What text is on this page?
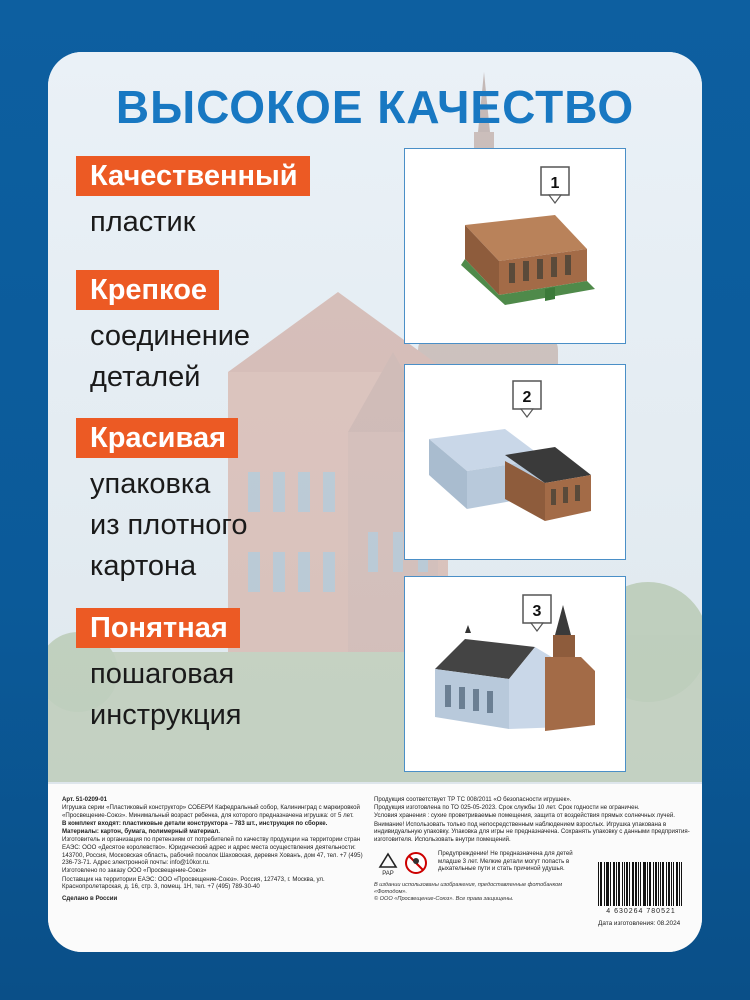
ВЫСОКОЕ КАЧЕСТВО
Качественный
пластик
Крепкое
соединение
деталей
Красивая
упаковка
из плотного
картона
Понятная
пошаговая
инструкция
1
2
3

Арт. 51-0209-01

Игрушка серии «Пластиковый конструктор» СОБЕРИ Кафедральный собор, Калининград с маркировкой «Просвещение-Союз». Минимальный возраст ребенка, для которого предназначена игрушка: от 5 лет.

В комплект входят: пластиковые детали конструктора – 783 шт., инструкция по сборке.

Материалы: картон, бумага, полимерный материал.

Изготовитель и организация по претензиям от потребителей по качеству продукции на территории стран ЕАЭС: ООО «Десятое королевство». Юридический адрес и адрес места осуществления деятельности: 143700, Россия, Московская область, рабочий поселок Шаховская, деревня Хованъ, дом 47, тел. +7 (495) 236-73-71. Адрес электронной почты: info@10kor.ru.

Изготовлено по заказу ООО «Просвещение-Союз»

Поставщик на территории ЕАЭС: ООО «Просвещение-Союз». Россия, 127473, г. Москва, ул. Краснопролетарская, д. 16, стр. 3, помещ. 1Н, тел. +7 (495) 789-30-40

Сделано в России

Продукция соответствует ТР ТС 008/2011 «О безопасности игрушек».

Продукция изготовлена по ТО 025-05-2023. Срок службы 10 лет. Срок годности не ограничен.

Условия хранения : сухие проветриваемые помещения, защита от воздействия прямых солнечных лучей.

Внимание! Использовать только под непосредственным наблюдением взрослых. Игрушка упакована в индивидуальную упаковку. Упаковка для игры не предназначена. Сохранять упаковку с данными предприятия-изготовителя. Использовать внутри помещений.

PAP
Предупреждение! Не предназначена для детей младше 3 лет. Мелкие детали могут попасть в дыхательные пути и стать причиной удушья.
В издании использованы изображения, предоставленные фотобанком «Фотодом».
© ООО «Просвещение-Союз». Все права защищены.
4 630264 780521
Дата изготовления: 08.2024
